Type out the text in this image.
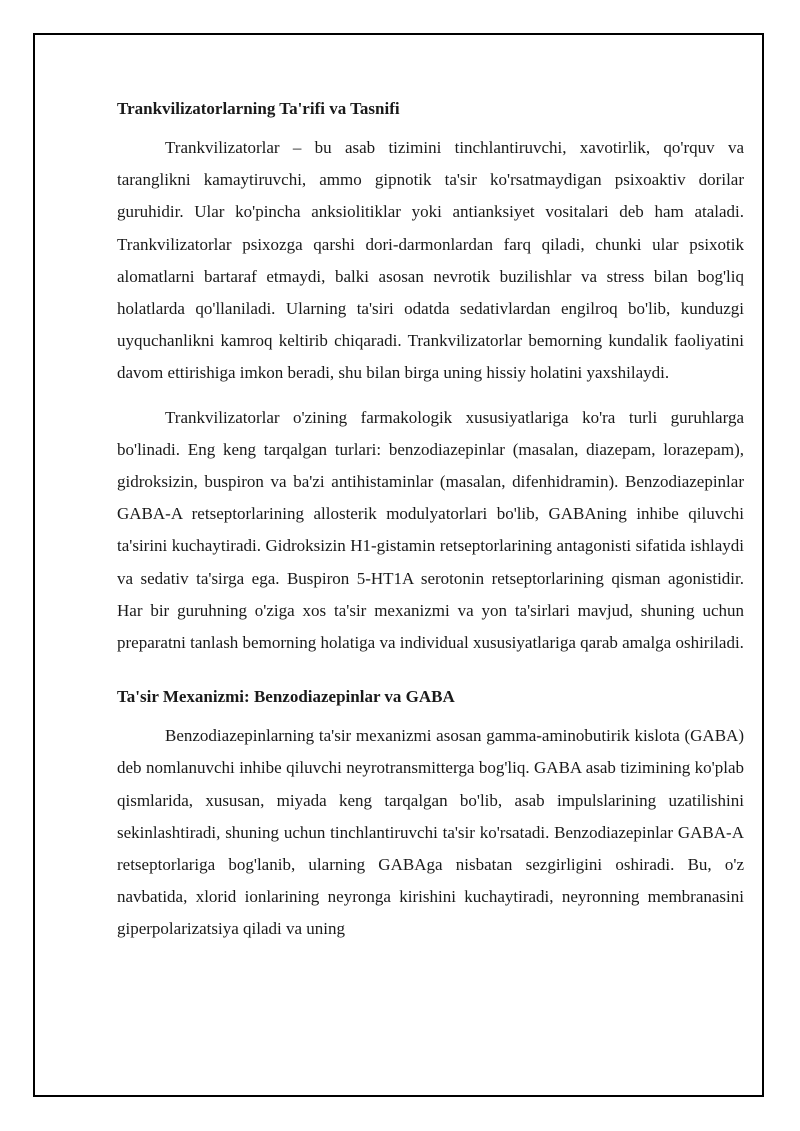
Trankvilizatorlarning Ta'rifi va Tasnifi

Trankvilizatorlar – bu asab tizimini tinchlantiruvchi, xavotirlik, qo'rquv va taranglikni kamaytiruvchi, ammo gipnotik ta'sir ko'rsatmaydigan psixoaktiv dorilar guruhidir. Ular ko'pincha anksiolitiklar yoki antianksiyet vositalari deb ham ataladi. Trankvilizatorlar psixozga qarshi dori-darmonlardan farq qiladi, chunki ular psixotik alomatlarni bartaraf etmaydi, balki asosan nevrotik buzilishlar va stress bilan bog'liq holatlarda qo'llaniladi. Ularning ta'siri odatda sedativlardan engilroq bo'lib, kunduzgi uyquchanlikni kamroq keltirib chiqaradi. Trankvilizatorlar bemorning kundalik faoliyatini davom ettirishiga imkon beradi, shu bilan birga uning hissiy holatini yaxshilaydi.

Trankvilizatorlar o'zining farmakologik xususiyatlariga ko'ra turli guruhlarga bo'linadi. Eng keng tarqalgan turlari: benzodiazepinlar (masalan, diazepam, lorazepam), gidroksizin, buspiron va ba'zi antihistaminlar (masalan, difenhidramin). Benzodiazepinlar GABA-A retseptorlarining allosterik modulyatorlari bo'lib, GABAning inhibe qiluvchi ta'sirini kuchaytiradi. Gidroksizin H1-gistamin retseptorlarining antagonisti sifatida ishlaydi va sedativ ta'sirga ega. Buspiron 5-HT1A serotonin retseptorlarining qisman agonistidir. Har bir guruhning o'ziga xos ta'sir mexanizmi va yon ta'sirlari mavjud, shuning uchun preparatni tanlash bemorning holatiga va individual xususiyatlariga qarab amalga oshiriladi.

Ta'sir Mexanizmi: Benzodiazepinlar va GABA

Benzodiazepinlarning ta'sir mexanizmi asosan gamma-aminobutirik kislota (GABA) deb nomlanuvchi inhibe qiluvchi neyrotransmitterga bog'liq. GABA asab tizimining ko'plab qismlarida, xususan, miyada keng tarqalgan bo'lib, asab impulslarining uzatilishini sekinlashtiradi, shuning uchun tinchlantiruvchi ta'sir ko'rsatadi. Benzodiazepinlar GABA-A retseptorlariga bog'lanib, ularning GABAga nisbatan sezgirligini oshiradi. Bu, o'z navbatida, xlorid ionlarining neyronga kirishini kuchaytiradi, neyronning membranasini giperpolarizatsiya qiladi va uning
